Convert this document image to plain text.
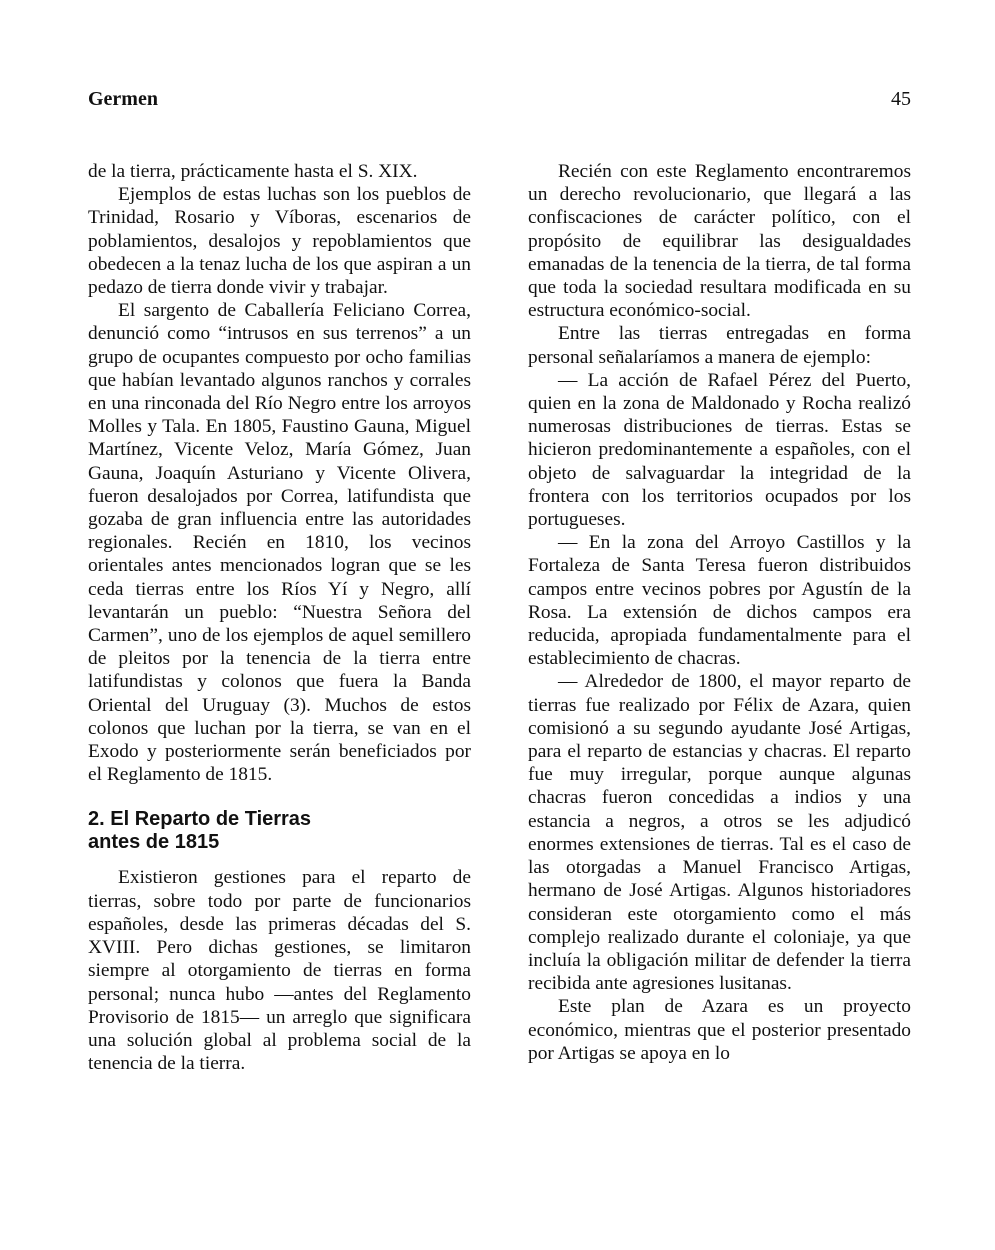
Germen	45

de la tierra, prácticamente hasta el S. XIX.

Ejemplos de estas luchas son los pueblos de Trinidad, Rosario y Víboras, escenarios de poblamientos, desalojos y repoblamientos que obedecen a la tenaz lucha de los que aspiran a un pedazo de tierra donde vivir y trabajar.

El sargento de Caballería Feliciano Correa, denunció como “intrusos en sus terrenos” a un grupo de ocupantes compuesto por ocho familias que habían levantado algunos ranchos y corrales en una rinconada del Río Negro entre los arroyos Molles y Tala. En 1805, Faustino Gauna, Miguel Martínez, Vicente Veloz, María Gómez, Juan Gauna, Joaquín Asturiano y Vicente Olivera, fueron desalojados por Correa, latifundista que gozaba de gran influencia entre las autoridades regionales. Recién en 1810, los vecinos orientales antes mencionados logran que se les ceda tierras entre los Ríos Yí y Negro, allí levantarán un pueblo: “Nuestra Señora del Carmen”, uno de los ejemplos de aquel semillero de pleitos por la tenencia de la tierra entre latifundistas y colonos que fuera la Banda Oriental del Uruguay (3). Muchos de estos colonos que luchan por la tierra, se van en el Exodo y posteriormente serán beneficiados por el Reglamento de 1815.

2. El Reparto de Tierras
antes de 1815

Existieron gestiones para el reparto de tierras, sobre todo por parte de funcionarios españoles, desde las primeras décadas del S. XVIII. Pero dichas gestiones, se limitaron siempre al otorgamiento de tierras en forma personal; nunca hubo —antes del Reglamento Provisorio de 1815— un arreglo que significara una solución global al problema social de la tenencia de la tierra.

Recién con este Reglamento encontraremos un derecho revolucionario, que llegará a las confiscaciones de carácter político, con el propósito de equilibrar las desigualdades emanadas de la tenencia de la tierra, de tal forma que toda la sociedad resultara modificada en su estructura económico-social.

Entre las tierras entregadas en forma personal señalaríamos a manera de ejemplo:

— La acción de Rafael Pérez del Puerto, quien en la zona de Maldonado y Rocha realizó numerosas distribuciones de tierras. Estas se hicieron predominantemente a españoles, con el objeto de salvaguardar la integridad de la frontera con los territorios ocupados por los portugueses.

— En la zona del Arroyo Castillos y la Fortaleza de Santa Teresa fueron distribuidos campos entre vecinos pobres por Agustín de la Rosa. La extensión de dichos campos era reducida, apropiada fundamentalmente para el establecimiento de chacras.

— Alrededor de 1800, el mayor reparto de tierras fue realizado por Félix de Azara, quien comisionó a su segundo ayudante José Artigas, para el reparto de estancias y chacras. El reparto fue muy irregular, porque aunque algunas chacras fueron concedidas a indios y una estancia a negros, a otros se les adjudicó enormes extensiones de tierras. Tal es el caso de las otorgadas a Manuel Francisco Artigas, hermano de José Artigas. Algunos historiadores consideran este otorgamiento como el más complejo realizado durante el coloniaje, ya que incluía la obligación militar de defender la tierra recibida ante agresiones lusitanas.

Este plan de Azara es un proyecto económico, mientras que el posterior presentado por Artigas se apoya en lo
